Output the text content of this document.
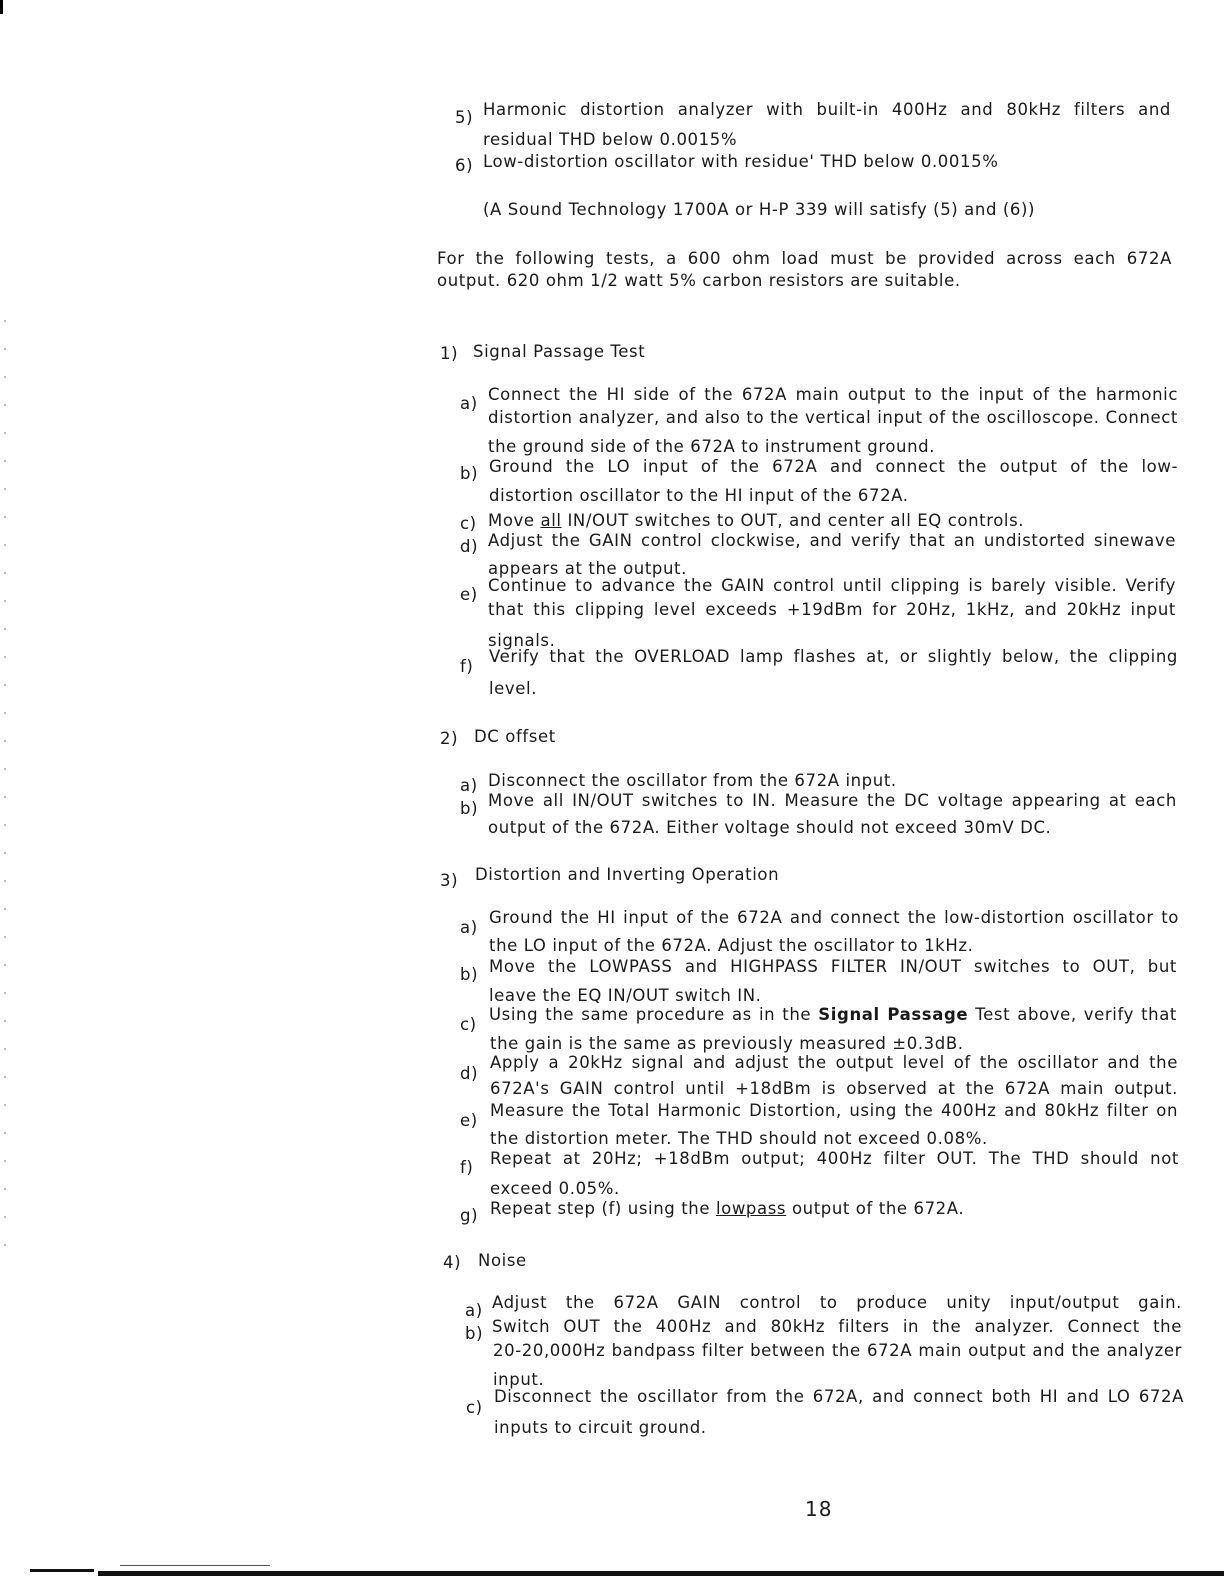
5) Harmonic distortion analyzer with built-in 400Hz and 80kHz filters and
residual THD below 0.0015%
6) Low-distortion oscillator with residue' THD below 0.0015%
(A Sound Technology 1700A or H-P 339 will satisfy (5) and (6))
For the following tests, a 600 ohm load must be provided across each 672A
output. 620 ohm 1/2 watt 5% carbon resistors are suitable.
1) Signal Passage Test
a) Connect the HI side of the 672A main output to the input of the harmonic
distortion analyzer, and also to the vertical input of the oscilloscope. Connect
the ground side of the 672A to instrument ground.
b) Ground the LO input of the 672A and connect the output of the low-
distortion oscillator to the HI input of the 672A.
c) Move all IN/OUT switches to OUT, and center all EQ controls.
d) Adjust the GAIN control clockwise, and verify that an undistorted sinewave
appears at the output.
e) Continue to advance the GAIN control until clipping is barely visible. Verify
that this clipping level exceeds +19dBm for 20Hz, 1kHz, and 20kHz input
signals.
f)
Verify that the OVERLOAD lamp flashes at, or slightly below, the clipping
level.
2) DC offset
a) Disconnect the oscillator from the 672A input.
b) Move all IN/OUT switches to IN. Measure the DC voltage appearing at each
output of the 672A. Either voltage should not exceed 30mV DC.
3) Distortion and Inverting Operation
a)
Ground the HI input of the 672A and connect the low-distortion oscillator to
the LO input of the 672A. Adjust the oscillator to 1kHz.
b) Move the LOWPASS and HIGHPASS FILTER IN/OUT switches to OUT, but
leave the EQ IN/OUT switch IN.
c)
Using the same procedure as in the Signal Passage Test above, verify that
the gain is the same as previously measured ±0.3dB.
d)
Apply a 20kHz signal and adjust the output level of the oscillator and the
672A's GAIN control until +18dBm is observed at the 672A main output.
e)
Measure the Total Harmonic Distortion, using the 400Hz and 80kHz filter on
the distortion meter. The THD should not exceed 0.08%.
f) Repeat at 20Hz; +18dBm output; 400Hz filter OUT. The THD should not
exceed 0.05%.
g) Repeat step (f) using the lowpass output of the 672A.
4) Noise
a) Adjust the 672A GAIN control to produce unity input/output gain.
b) Switch OUT the 400Hz and 80kHz filters in the analyzer. Connect the
20-20,000Hz bandpass filter between the 672A main output and the analyzer
input.
c)
Disconnect the oscillator from the 672A, and connect both HI and LO 672A
inputs to circuit ground.
18
